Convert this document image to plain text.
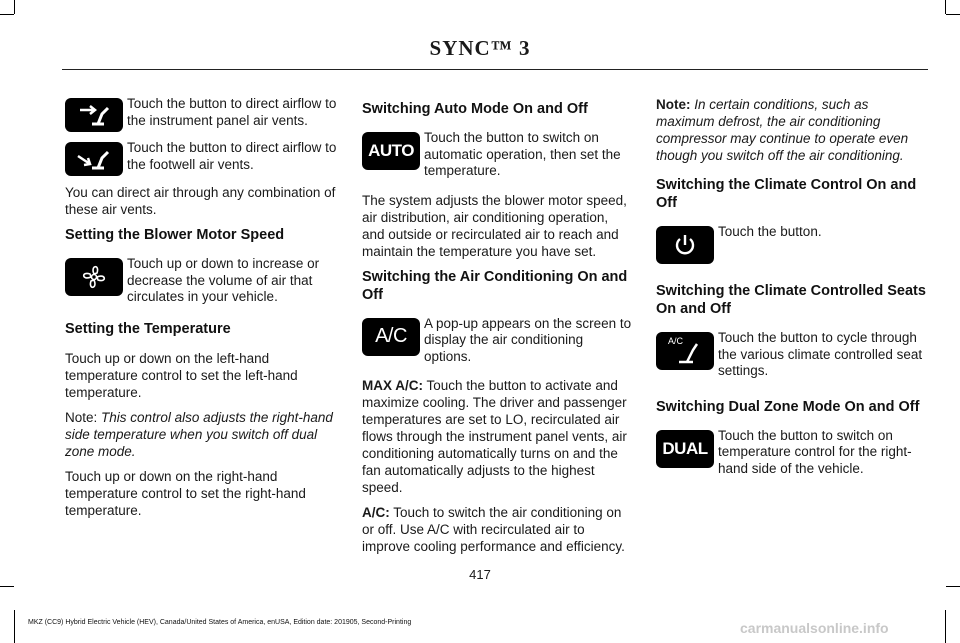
SYNC™ 3
Touch the button to direct airflow to the instrument panel air vents.
Touch the button to direct airflow to the footwell air vents.

You can direct air through any combination of these air vents.

Setting the Blower Motor Speed
Touch up or down to increase or decrease the volume of air that circulates in your vehicle.
Setting the Temperature

Touch up or down on the left-hand temperature control to set the left-hand temperature.

Note: This control also adjusts the right-hand side temperature when you switch off dual zone mode.

Touch up or down on the right-hand temperature control to set the right-hand temperature.

Switching Auto Mode On and Off
AUTO
Touch the button to switch on automatic operation, then set the temperature.

The system adjusts the blower motor speed, air distribution, air conditioning operation, and outside or recirculated air to reach and maintain the temperature you have set.

Switching the Air Conditioning On and Off
A/C
A pop-up appears on the screen to display the air conditioning options.

MAX A/C: Touch the button to activate and maximize cooling. The driver and passenger temperatures are set to LO, recirculated air flows through the instrument panel vents, air conditioning automatically turns on and the fan automatically adjusts to the highest speed.

A/C: Touch to switch the air conditioning on or off. Use A/C with recirculated air to improve cooling performance and efficiency.

Note: In certain conditions, such as maximum defrost, the air conditioning compressor may continue to operate even though you switch off the air conditioning.

Switching the Climate Control On and Off
Touch the button.
Switching the Climate Controlled Seats On and Off
A/C	Touch the button to cycle through the various climate controlled seat settings.
Switching Dual Zone Mode On and Off
DUAL
Touch the button to switch on temperature control for the right-hand side of the vehicle.
417
MKZ (CC9) Hybrid Electric Vehicle (HEV), Canada/United States of America, enUSA, Edition date: 201905, Second-Printing	carmanualsonline.info
